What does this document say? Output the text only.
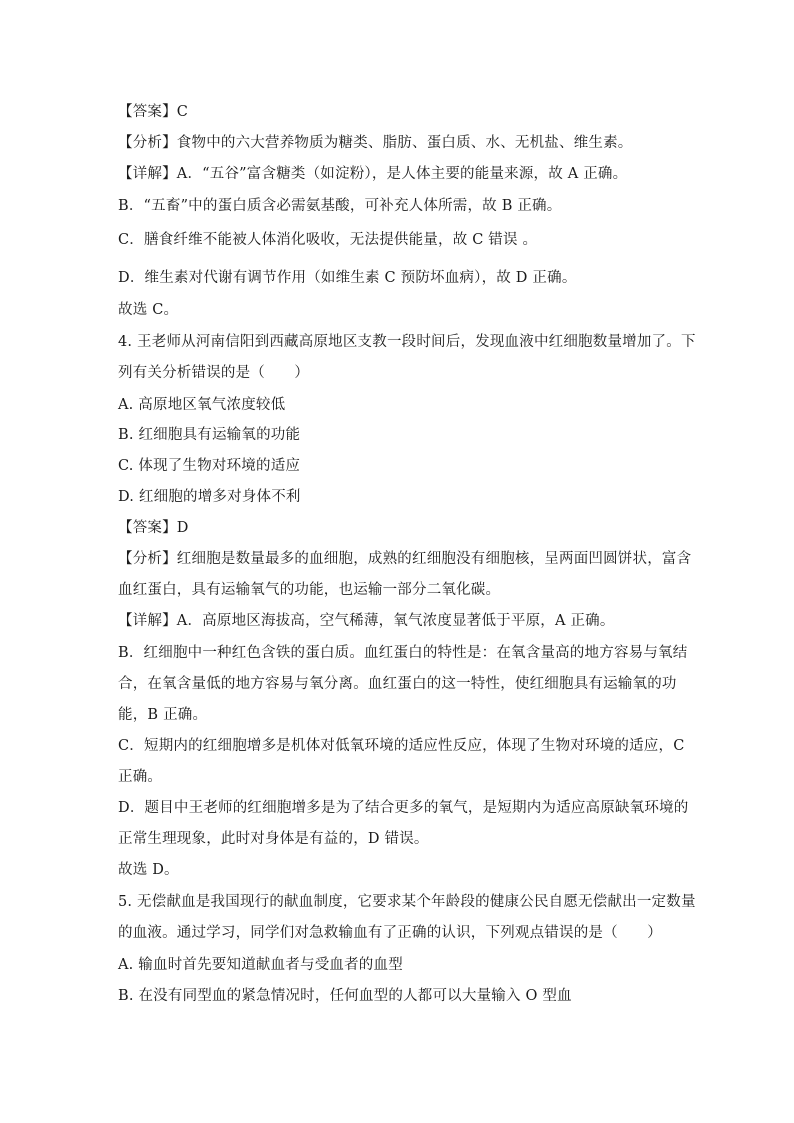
【答案】C
【分析】食物中的六大营养物质为糖类、脂肪、蛋白质、水、无机盐、维生素。
【详解】A．“五谷”富含糖类（如淀粉），是人体主要的能量来源，故 A 正确。
B．“五畜”中的蛋白质含必需氨基酸，可补充人体所需，故 B 正确。
C．膳食纤维不能被人体消化吸收，无法提供能量，故 C 错误 。
D．维生素对代谢有调节作用（如维生素 C 预防坏血病），故 D 正确。
故选 C。
4. 王老师从河南信阳到西藏高原地区支教一段时间后，发现血液中红细胞数量增加了。下
列有关分析错误的是（　　）
A. 高原地区氧气浓度较低
B. 红细胞具有运输氧的功能
C. 体现了生物对环境的适应
D. 红细胞的增多对身体不利
【答案】D
【分析】红细胞是数量最多的血细胞，成熟的红细胞没有细胞核，呈两面凹圆饼状，富含
血红蛋白，具有运输氧气的功能，也运输一部分二氧化碳。
【详解】A．高原地区海拔高，空气稀薄，氧气浓度显著低于平原，A 正确。
B．红细胞中一种红色含铁的蛋白质。血红蛋白的特性是：在氧含量高的地方容易与氧结
合，在氧含量低的地方容易与氧分离。血红蛋白的这一特性，使红细胞具有运输氧的功
能，B 正确。
C．短期内的红细胞增多是机体对低氧环境的适应性反应，体现了生物对环境的适应，C
正确。
D．题目中王老师的红细胞增多是为了结合更多的氧气，是短期内为适应高原缺氧环境的
正常生理现象，此时对身体是有益的，D 错误。
故选 D。
5. 无偿献血是我国现行的献血制度，它要求某个年龄段的健康公民自愿无偿献出一定数量
的血液。通过学习，同学们对急救输血有了正确的认识，下列观点错误的是（　　）
A. 输血时首先要知道献血者与受血者的血型
B. 在没有同型血的紧急情况时，任何血型的人都可以大量输入 O 型血
